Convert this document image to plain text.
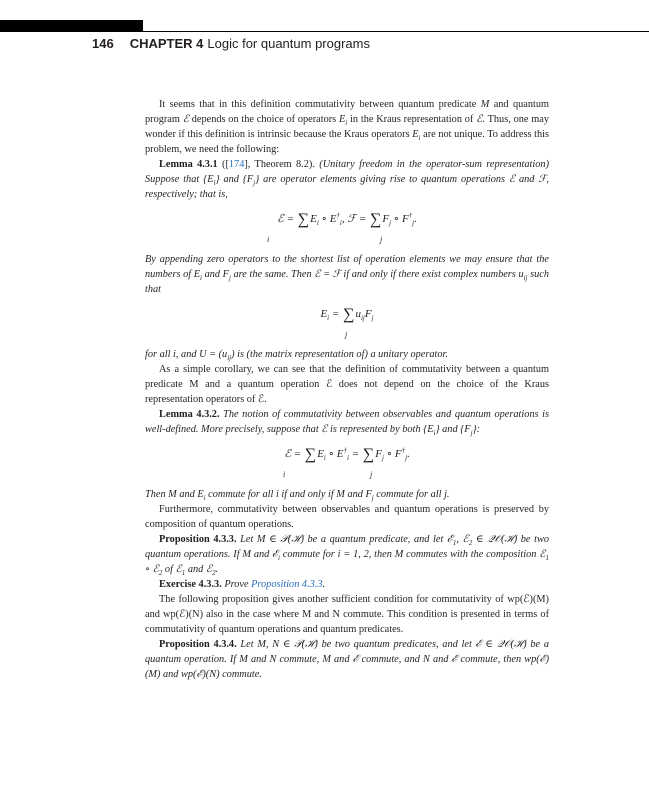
146 CHAPTER 4 Logic for quantum programs

It seems that in this definition commutativity between quantum predicate M and quantum program ℰ depends on the choice of operators $E_i$ in the Kraus representation of ℰ. Thus, one may wonder if this definition is intrinsic because the Kraus operators $E_i$ are not unique. To address this problem, we need the following:

Lemma 4.3.1 ([174], Theorem 8.2). (Unitary freedom in the operator-sum representation) Suppose that $\{E_i\}$ and $\{F_j\}$ are operator elements giving rise to quantum operations ℰ and ℱ, respectively; that is,

ℰ = $\sum E_i$ ∘ $E^\dagger_i$, ℱ = $\sum F_j$ ∘ $F^\dagger_j$.
i	j

By appending zero operators to the shortest list of operation elements we may ensure that the numbers of $E_i$ and $F_j$ are the same. Then ℰ = ℱ if and only if there exist complex numbers $u_{ij}$ such that

$E_i = \sum u_{ij}F_j$
j

for all i, and $U = (u_{ij})$ is (the matrix representation of) a unitary operator.

As a simple corollary, we can see that the definition of commutativity between a quantum predicate M and a quantum operation ℰ does not depend on the choice of the Kraus representation operators of ℰ.

Lemma 4.3.2. The notion of commutativity between observables and quantum operations is well-defined. More precisely, suppose that ℰ is represented by both $\{E_i\}$ and $\{F_j\}$:

ℰ = $\sum E_i$ ∘ $E^\dagger_i = \sum F_j$ ∘ $F^\dagger_j$.
i	j

Then M and $E_i$ commute for all i if and only if M and $F_j$ commute for all j.

Furthermore, commutativity between observables and quantum operations is preserved by composition of quantum operations.

Proposition 4.3.3. Let M ∈ 𝒫(ℋ) be a quantum predicate, and let ℰ$_1$, ℰ$_2$ ∈ 𝒬𝒪(ℋ) be two quantum operations. If M and ℰ$_i$ commute for i = 1, 2, then M commutes with the composition ℰ$_1$ ∘ ℰ$_2$ of ℰ$_1$ and ℰ$_2$.

Exercise 4.3.3. Prove Proposition 4.3.3.

The following proposition gives another sufficient condition for commutativity of wp(ℰ)(M) and wp(ℰ)(N) also in the case where M and N commute. This condition is presented in terms of commutativity of quantum operations and quantum predicates.

Proposition 4.3.4. Let M, N ∈ 𝒫(ℋ) be two quantum predicates, and let ℰ ∈ 𝒬𝒪(ℋ) be a quantum operation. If M and N commute, M and ℰ commute, and N and ℰ commute, then wp(ℰ)(M) and wp(ℰ)(N) commute.
